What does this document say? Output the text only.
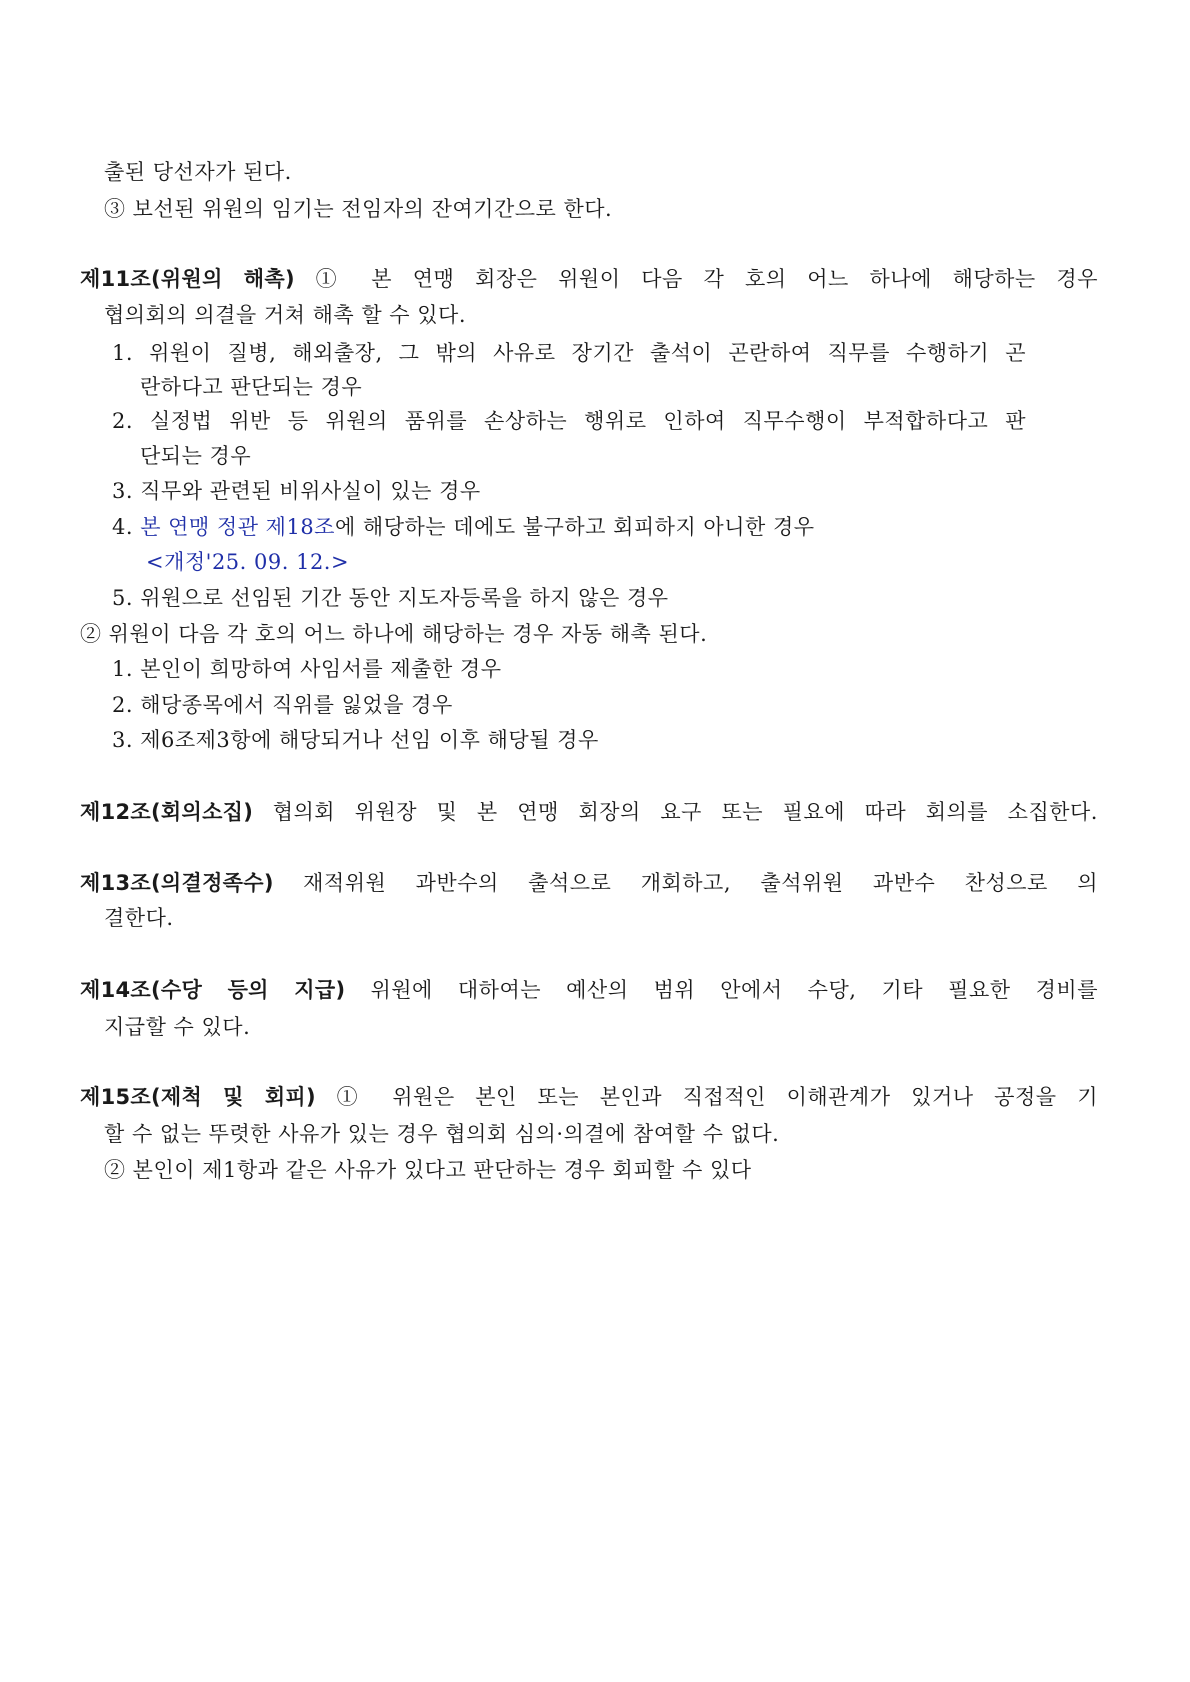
출된 당선자가 된다.
③ 보선된 위원의 임기는 전임자의 잔여기간으로 한다.
제11조(위원의 해촉) ① 본 연맹 회장은 위원이 다음 각 호의 어느 하나에 해당하는 경우
협의회의 의결을 거쳐 해촉 할 수 있다.
1. 위원이 질병, 해외출장, 그 밖의 사유로 장기간 출석이 곤란하여 직무를 수행하기 곤
란하다고 판단되는 경우
2. 실정법 위반 등 위원의 품위를 손상하는 행위로 인하여 직무수행이 부적합하다고 판
단되는 경우
3. 직무와 관련된 비위사실이 있는 경우
4. 본 연맹 정관 제18조에 해당하는 데에도 불구하고 회피하지 아니한 경우
<개정'25. 09. 12.>
5. 위원으로 선임된 기간 동안 지도자등록을 하지 않은 경우
② 위원이 다음 각 호의 어느 하나에 해당하는 경우 자동 해촉 된다.
1. 본인이 희망하여 사임서를 제출한 경우
2. 해당종목에서 직위를 잃었을 경우
3. 제6조제3항에 해당되거나 선임 이후 해당될 경우
제12조(회의소집) 협의회 위원장 및 본 연맹 회장의 요구 또는 필요에 따라 회의를 소집한다.
제13조(의결정족수) 재적위원 과반수의 출석으로 개회하고, 출석위원 과반수 찬성으로 의
결한다.
제14조(수당 등의 지급) 위원에 대하여는 예산의 범위 안에서 수당, 기타 필요한 경비를
지급할 수 있다.
제15조(제척 및 회피) ① 위원은 본인 또는 본인과 직접적인 이해관계가 있거나 공정을 기
할 수 없는 뚜렷한 사유가 있는 경우 협의회 심의·의결에 참여할 수 없다.
② 본인이 제1항과 같은 사유가 있다고 판단하는 경우 회피할 수 있다
